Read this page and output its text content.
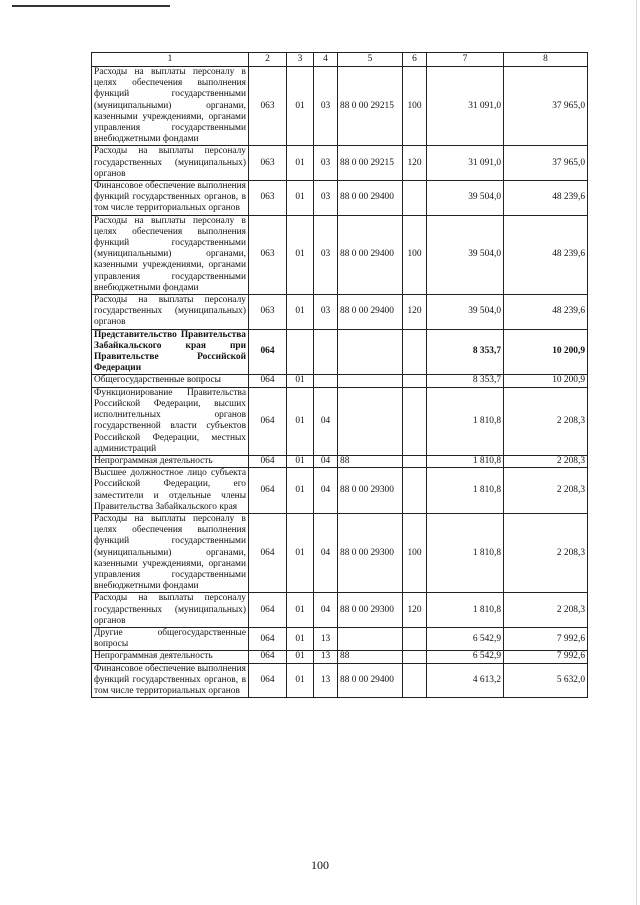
1	2	3	4	5	6	7	8
Расходы на выплаты персоналу в целях обеспечения выполнения функций государственными (муниципальными) органами, казенными учреждениями, органами управления государственными внебюджетными фондами	063	01	03	88 0 00 29215	100	31 091,0	37 965,0
Расходы на выплаты персоналу государственных (муниципальных) органов	063	01	03	88 0 00 29215	120	31 091,0	37 965,0
Финансовое обеспечение выполнения функций государственных органов, в том числе территориальных органов	063	01	03	88 0 00 29400		39 504,0	48 239,6
Расходы на выплаты персоналу в целях обеспечения выполнения функций государственными (муниципальными) органами, казенными учреждениями, органами управления государственными внебюджетными фондами	063	01	03	88 0 00 29400	100	39 504,0	48 239,6
Расходы на выплаты персоналу государственных (муниципальных) органов	063	01	03	88 0 00 29400	120	39 504,0	48 239,6
Представительство Правительства Забайкальского края при Правительстве Российской Федерации	064					8 353,7	10 200,9
Общегосударственные вопросы	064	01				8 353,7	10 200,9
Функционирование Правительства Российской Федерации, высших исполнительных органов государственной власти субъектов Российской Федерации, местных администраций	064	01	04			1 810,8	2 208,3
Непрограммная деятельность	064	01	04	88		1 810,8	2 208,3
Высшее должностное лицо субъекта Российской Федерации, его заместители и отдельные члены Правительства Забайкальского края	064	01	04	88 0 00 29300		1 810,8	2 208,3
Расходы на выплаты персоналу в целях обеспечения выполнения функций государственными (муниципальными) органами, казенными учреждениями, органами управления государственными внебюджетными фондами	064	01	04	88 0 00 29300	100	1 810,8	2 208,3
Расходы на выплаты персоналу государственных (муниципальных) органов	064	01	04	88 0 00 29300	120	1 810,8	2 208,3
Другие общегосударственные вопросы	064	01	13			6 542,9	7 992,6
Непрограммная деятельность	064	01	13	88		6 542,9	7 992,6
Финансовое обеспечение выполнения функций государственных органов, в том числе территориальных органов	064	01	13	88 0 00 29400		4 613,2	5 632,0
100
